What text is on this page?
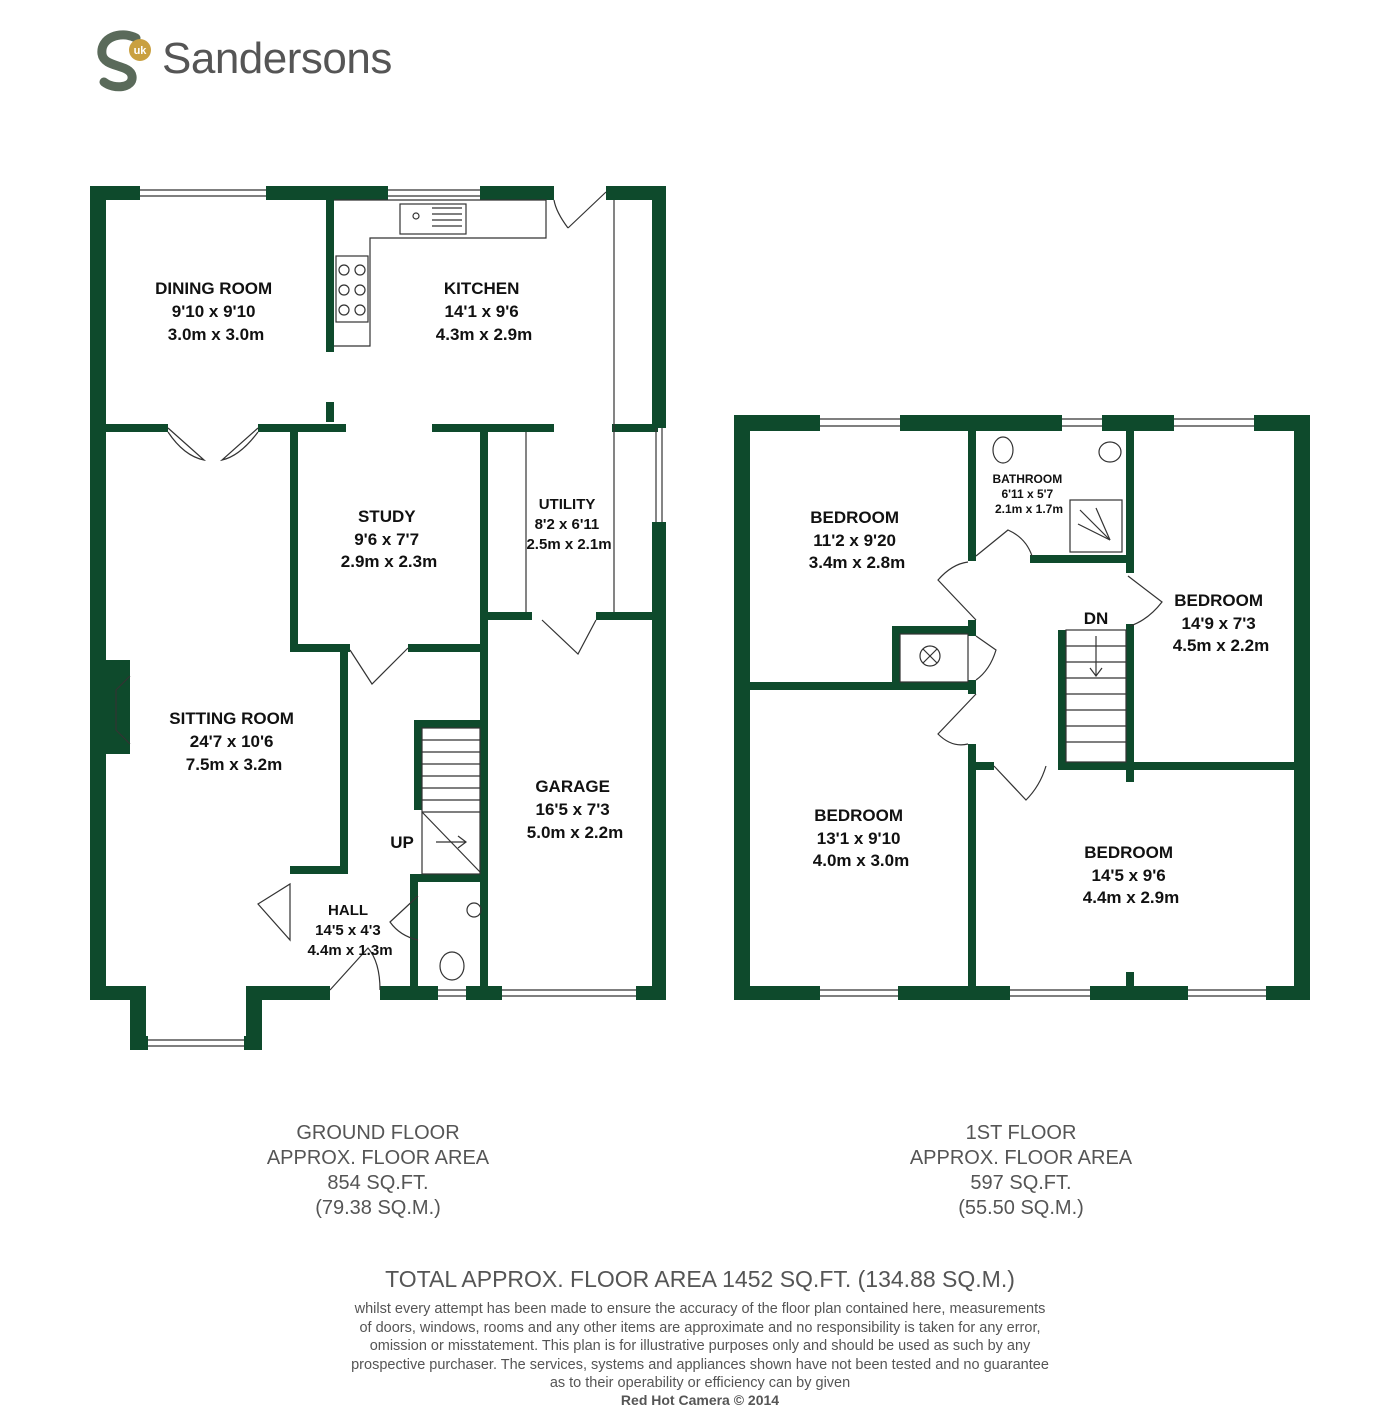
uk Sandersons
DINING ROOM 9'10 x 9'10 3.0m x 3.0m
KITCHEN 14'1 x 9'6 4.3m x 2.9m
STUDY 9'6 x 7'7 2.9m x 2.3m
UTILITY 8'2 x 6'11 2.5m x 2.1m
SITTING ROOM 24'7 x 10'6 7.5m x 3.2m
GARAGE 16'5 x 7'3 5.0m x 2.2m
HALL 14'5 x 4'3 4.4m x 1.3m
UP
BEDROOM 11'2 x 9'20 3.4m x 2.8m
BATHROOM 6'11 x 5'7 2.1m x 1.7m
BEDROOM 14'9 x 7'3 4.5m x 2.2m
BEDROOM 13'1 x 9'10 4.0m x 3.0m	BEDROOM 14'5 x 9'6 4.4m x 2.9m
DN
GROUND FLOOR
APPROX. FLOOR AREA
854 SQ.FT.
(79.38 SQ.M.)
1ST FLOOR
APPROX. FLOOR AREA
597 SQ.FT.
(55.50 SQ.M.)
TOTAL APPROX. FLOOR AREA 1452 SQ.FT. (134.88 SQ.M.)
whilst every attempt has been made to ensure the accuracy of the floor plan contained here, measurements
of doors, windows, rooms and any other items are approximate and no responsibility is taken for any error,
omission or misstatement. This plan is for illustrative purposes only and should be used as such by any
prospective purchaser. The services, systems and appliances shown have not been tested and no guarantee
as to their operability or efficiency can by given
Red Hot Camera © 2014
